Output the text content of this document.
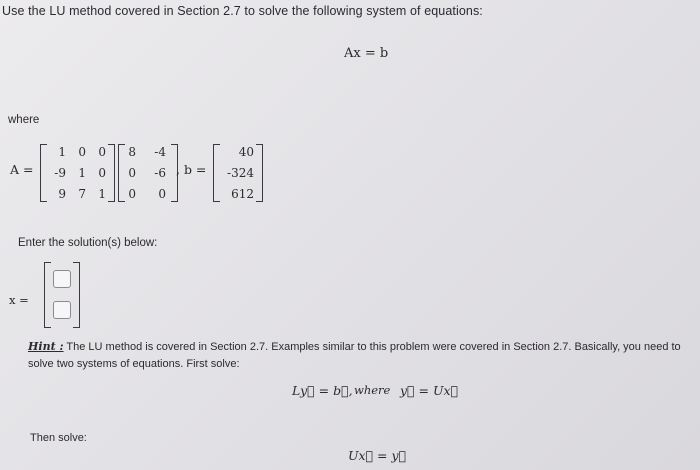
Use the LU method covered in Section 2.7 to solve the following system of equations:
Ax = b
where
A =
1	0	0
-9	1	0
9	7	1
8	-4
0	-6
0	0
, b =
40
-324
612
Enter the solution(s) below:
x =
Hint : The LU method is covered in Section 2.7. Examples similar to this problem were covered in Section 2.7. Basically, you need to solve two systems of equations. First solve:
Ly⃗ = b⃗, where y⃗ = Ux⃗
Then solve:
Ux⃗ = y⃗
